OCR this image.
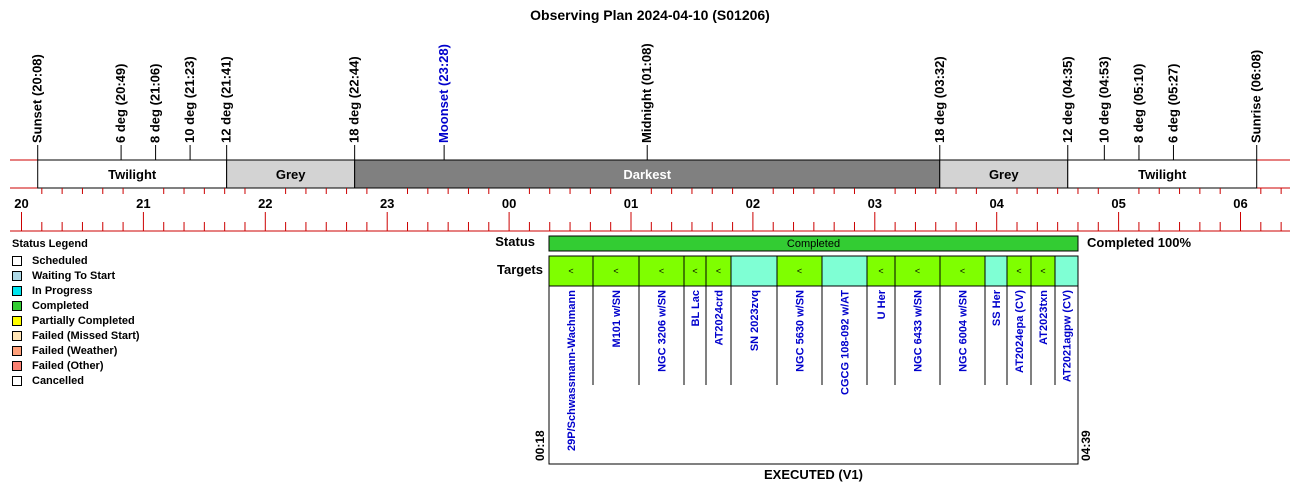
Observing Plan 2024-04-10 (S01206)
Sunset (20:08)	6 deg (20:49) 8 deg (21:06) 10 deg (21:23) 12 deg (21:41)	18 deg (22:44)	Moonset (23:28)	Midnight (01:08)	18 deg (03:32)	12 deg (04:35) 10 deg (04:53) 8 deg (05:10) 6 deg (05:27)	Sunrise (06:08)
Twilight	Grey	Darkest	Grey	Twilight
20	21	22	23	00	01	02	03	04	05	06
Status	Completed	Completed 100%
Targets	<
29P/Schwassmann-Wachmann
<
M101 w/SN
<
NGC 3206 w/SN
<
BL Lac
<
AT2024crd SN 2023zvq
<
NGC 5630 w/SN	CGCG 108-092 w/AT
<
U Her
<
NGC 6433 w/SN
<
NGC 6004 w/SN SS Her
<
AT2024epa (CV)
<
AT2023txn AT2021agpw (CV)
00:18	04:39
EXECUTED (V1)
Status Legend
Scheduled
Waiting To Start
In Progress
Completed
Partially Completed
Failed (Missed Start)
Failed (Weather)
Failed (Other)
Cancelled
